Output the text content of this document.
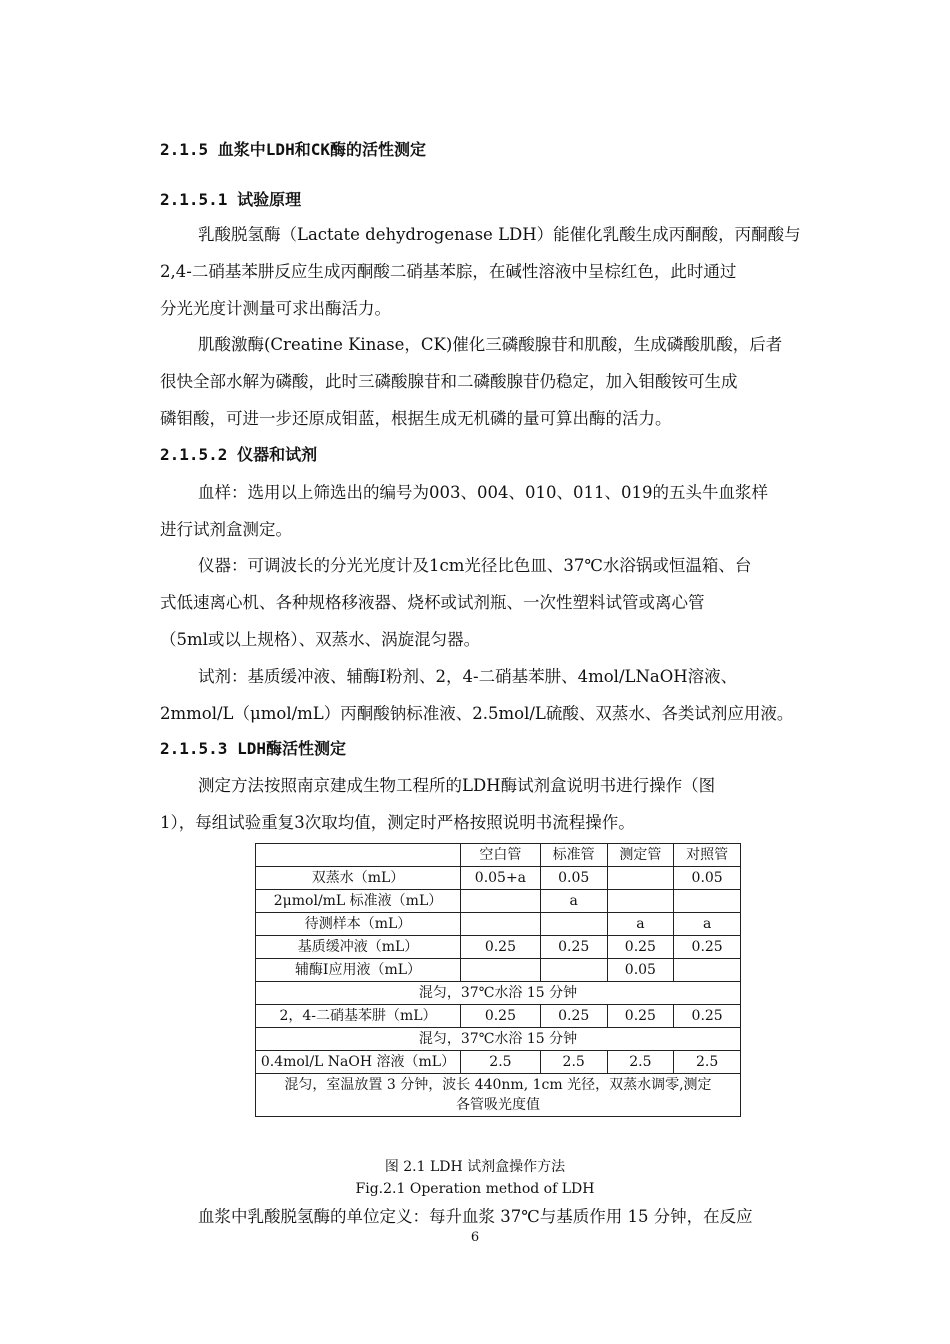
2.1.5 血浆中LDH和CK酶的活性测定
2.1.5.1 试验原理
乳酸脱氢酶（Lactate dehydrogenase LDH）能催化乳酸生成丙酮酸，丙酮酸与
2,4-二硝基苯肼反应生成丙酮酸二硝基苯腙，在碱性溶液中呈棕红色，此时通过
分光光度计测量可求出酶活力。
肌酸激酶(Creatine Kinase，CK)催化三磷酸腺苷和肌酸，生成磷酸肌酸，后者
很快全部水解为磷酸，此时三磷酸腺苷和二磷酸腺苷仍稳定，加入钼酸铵可生成
磷钼酸，可进一步还原成钼蓝，根据生成无机磷的量可算出酶的活力。
2.1.5.2 仪器和试剂
血样：选用以上筛选出的编号为003、004、010、011、019的五头牛血浆样
进行试剂盒测定。
仪器：可调波长的分光光度计及1cm光径比色皿、37℃水浴锅或恒温箱、台
式低速离心机、各种规格移液器、烧杯或试剂瓶、一次性塑料试管或离心管
（5ml或以上规格）、双蒸水、涡旋混匀器。
试剂：基质缓冲液、辅酶Ⅰ粉剂、2，4-二硝基苯肼、4mol/LNaOH溶液、
2mmol/L（μmol/mL）丙酮酸钠标准液、2.5mol/L硫酸、双蒸水、各类试剂应用液。
2.1.5.3 LDH酶活性测定
测定方法按照南京建成生物工程所的LDH酶试剂盒说明书进行操作（图
1），每组试验重复3次取均值，测定时严格按照说明书流程操作。
	空白管	标准管	测定管	对照管
双蒸水（mL）	0.05+a	0.05		0.05
2μmol/mL 标准液（mL）		a		
待测样本（mL）			a	a
基质缓冲液（mL）	0.25	0.25	0.25	0.25
辅酶Ⅰ应用液（mL）			0.05	
混匀，37℃水浴 15 分钟				
2，4-二硝基苯肼（mL）	0.25	0.25	0.25	0.25
混匀，37℃水浴 15 分钟				
0.4mol/L NaOH 溶液（mL）	2.5	2.5	2.5	2.5

混匀，室温放置 3 分钟，波长 440nm, 1cm 光径，双蒸水调零,测定
各管吸光度值				
图 2.1 LDH 试剂盒操作方法
Fig.2.1 Operation method of LDH
血浆中乳酸脱氢酶的单位定义：每升血浆 37℃与基质作用 15 分钟，在反应
6
